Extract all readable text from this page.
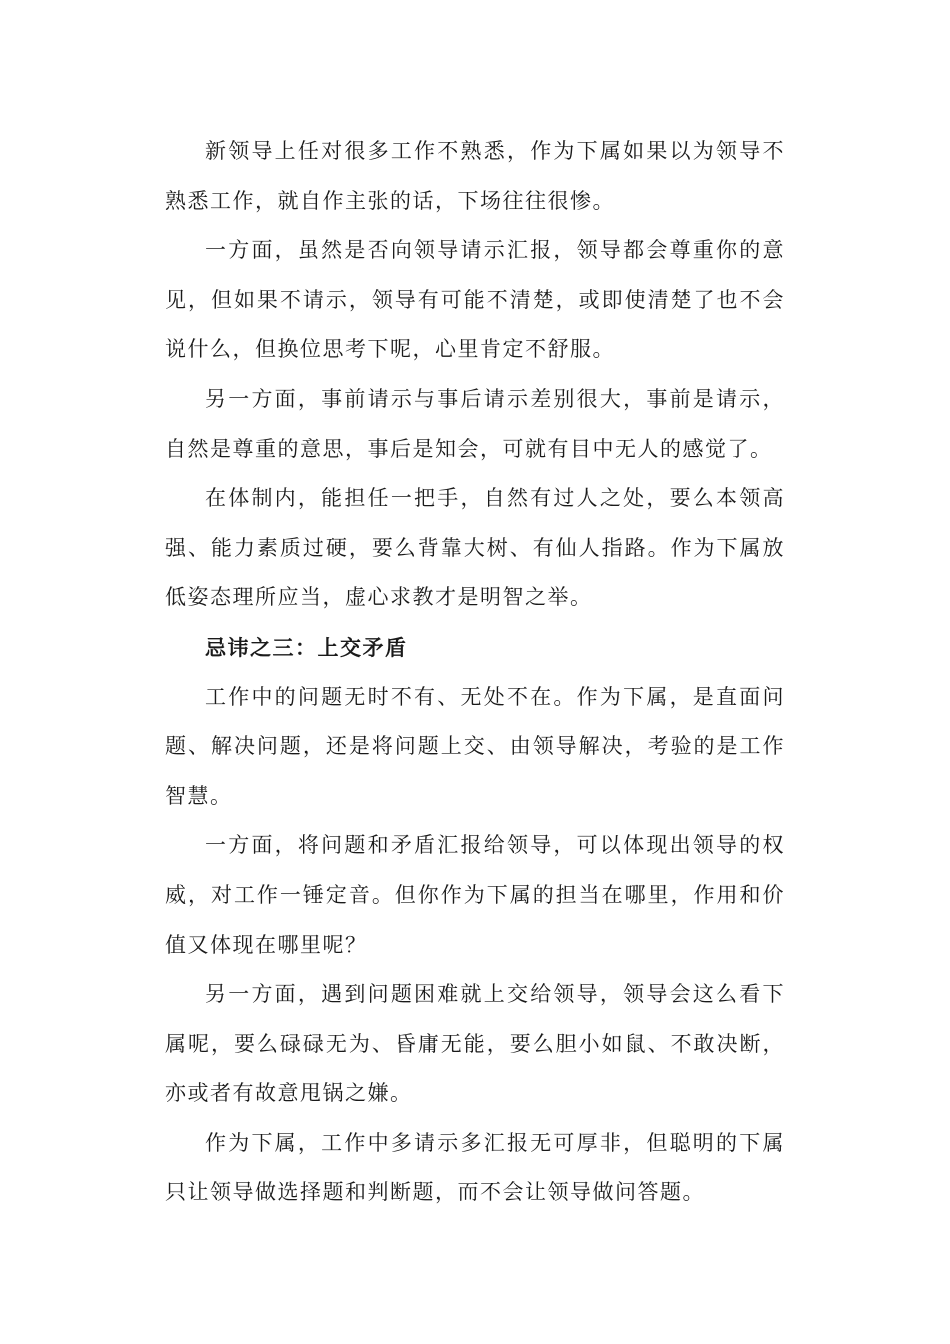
新领导上任对很多工作不熟悉，作为下属如果以为领导不
熟悉工作，就自作主张的话，下场往往很惨。
一方面，虽然是否向领导请示汇报，领导都会尊重你的意
见，但如果不请示，领导有可能不清楚，或即使清楚了也不会
说什么，但换位思考下呢，心里肯定不舒服。
另一方面，事前请示与事后请示差别很大，事前是请示，
自然是尊重的意思，事后是知会，可就有目中无人的感觉了。
在体制内，能担任一把手，自然有过人之处，要么本领高
强、能力素质过硬，要么背靠大树、有仙人指路。作为下属放
低姿态理所应当，虚心求教才是明智之举。
忌讳之三：上交矛盾
工作中的问题无时不有、无处不在。作为下属，是直面问
题、解决问题，还是将问题上交、由领导解决，考验的是工作
智慧。
一方面，将问题和矛盾汇报给领导，可以体现出领导的权
威，对工作一锤定音。但你作为下属的担当在哪里，作用和价
值又体现在哪里呢？
另一方面，遇到问题困难就上交给领导，领导会这么看下
属呢，要么碌碌无为、昏庸无能，要么胆小如鼠、不敢决断，
亦或者有故意甩锅之嫌。
作为下属，工作中多请示多汇报无可厚非，但聪明的下属
只让领导做选择题和判断题，而不会让领导做问答题。
